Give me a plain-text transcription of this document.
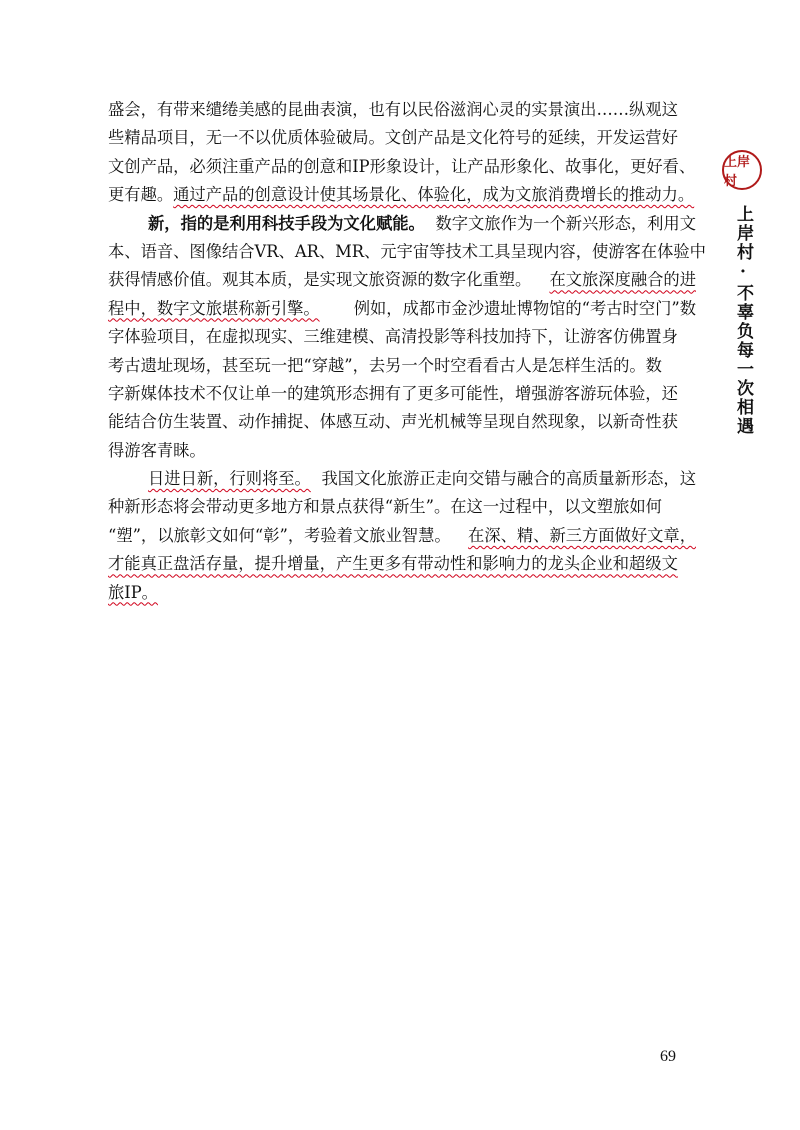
上岸村
上岸村·不辜负每一次相遇
盛会，有带来缱绻美感的昆曲表演，也有以民俗滋润心灵的实景演出……纵观这
些精品项目，无一不以优质体验破局。文创产品是文化符号的延续，开发运营好
文创产品，必须注重产品的创意和IP形象设计，让产品形象化、故事化，更好看、
更有趣。 通过产品的创意设计使其场景化、体验化，成为文旅消费增长的推动力。
新，指的是利用科技手段为文化赋能。 数字文旅作为一个新兴形态，利用文
本、语音、图像结合VR、AR、MR、元宇宙等技术工具呈现内容，使游客在体验中
获得情感价值。观其本质，是实现文旅资源的数字化重塑。 在文旅深度融合的进
程中，数字文旅堪称新引擎。 例如，成都市金沙遗址博物馆的“考古时空门”数
字体验项目，在虚拟现实、三维建模、高清投影等科技加持下，让游客仿佛置身
考古遗址现场，甚至玩一把“穿越”，去另一个时空看看古人是怎样生活的。数
字新媒体技术不仅让单一的建筑形态拥有了更多可能性，增强游客游玩体验，还
能结合仿生装置、动作捕捉、体感互动、声光机械等呈现自然现象，以新奇性获
得游客青睐。
日进日新，行则将至。 我国文化旅游正走向交错与融合的高质量新形态，这
种新形态将会带动更多地方和景点获得“新生”。在这一过程中，以文塑旅如何
“塑”，以旅彰文如何“彰”，考验着文旅业智慧。 在深、精、新三方面做好文章，
才能真正盘活存量，提升增量，产生更多有带动性和影响力的龙头企业和超级文
旅IP。
69
